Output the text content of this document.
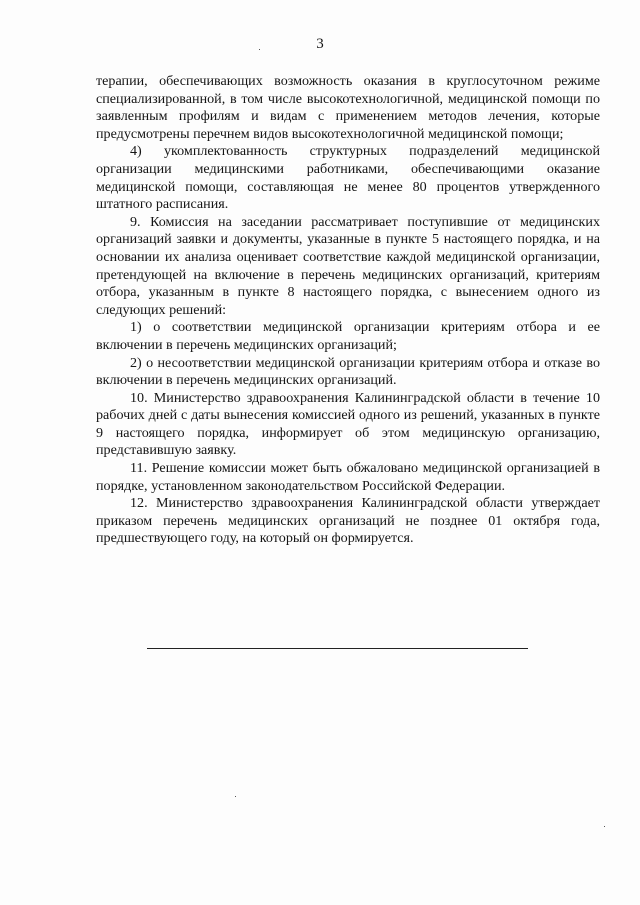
3

терапии, обеспечивающих возможность оказания в круглосуточном режиме специализированной, в том числе высокотехнологичной, медицинской помощи по заявленным профилям и видам с применением методов лечения, которые предусмотрены перечнем видов высокотехнологичной медицинской помощи;

4) укомплектованность структурных подразделений медицинской организации медицинскими работниками, обеспечивающими оказание медицинской помощи, составляющая не менее 80 процентов утвержденного штатного расписания.

9. Комиссия на заседании рассматривает поступившие от медицинских организаций заявки и документы, указанные в пункте 5 настоящего порядка, и на основании их анализа оценивает соответствие каждой медицинской организации, претендующей на включение в перечень медицинских организаций, критериям отбора, указанным в пункте 8 настоящего порядка, с вынесением одного из следующих решений:

1) о соответствии медицинской организации критериям отбора и ее включении в перечень медицинских организаций;

2) о несоответствии медицинской организации критериям отбора и отказе во включении в перечень медицинских организаций.

10. Министерство здравоохранения Калининградской области в течение 10 рабочих дней с даты вынесения комиссией одного из решений, указанных в пункте 9 настоящего порядка, информирует об этом медицинскую организацию, представившую заявку.

11. Решение комиссии может быть обжаловано медицинской организацией в порядке, установленном законодательством Российской Федерации.

12. Министерство здравоохранения Калининградской области утверждает приказом перечень медицинских организаций не позднее 01 октября года, предшествующего году, на который он формируется.
